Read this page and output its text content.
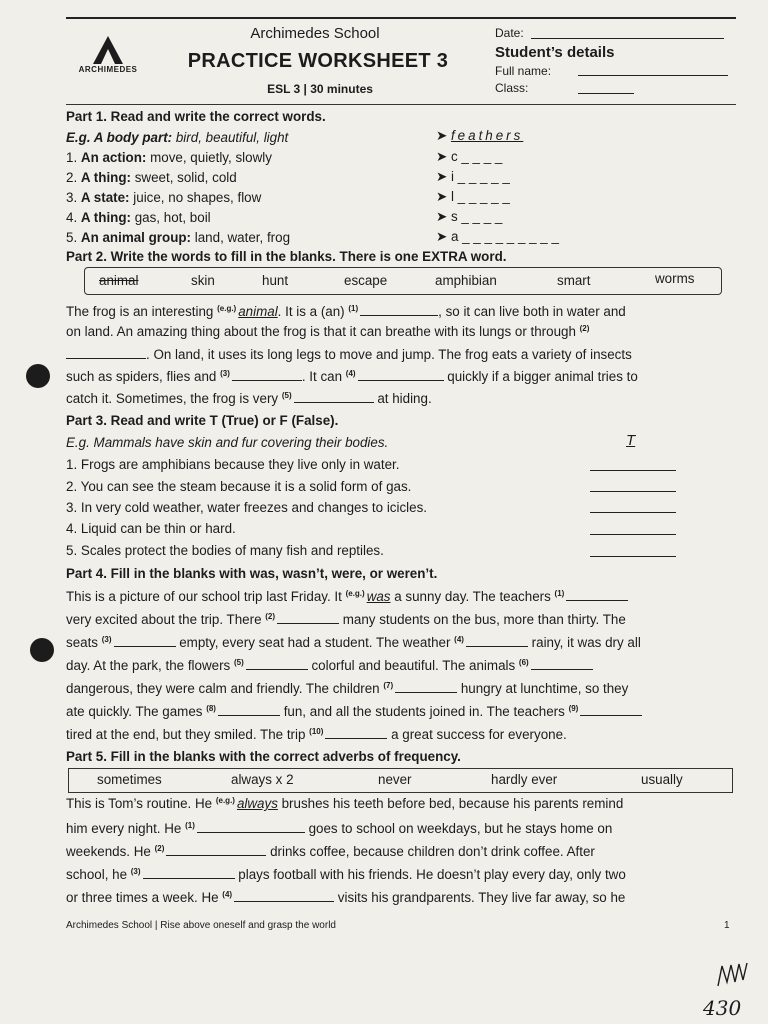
ARCHIMEDES
Archimedes School
PRACTICE WORKSHEET 3
ESL 3 | 30 minutes
Date:
Student’s details
Full name:
Class:
Part 1. Read and write the correct words.
E.g. A body part: bird, beautiful, light	➤ feathers
1. An action: move, quietly, slowly	➤ c _ _ _ _
2. A thing: sweet, solid, cold	➤ i _ _ _ _ _
3. A state: juice, no shapes, flow	➤ l _ _ _ _ _
4. A thing: gas, hot, boil	➤ s _ _ _ _
5. An animal group: land, water, frog	➤ a _ _ _ _ _ _ _ _ _
Part 2. Write the words to fill in the blanks. There is one EXTRA word.
animal	skin	hunt	escape	amphibian	smart	worms
The frog is an interesting $^{(e.g.)}$ animal. It is a (an) $^{(1)}$	, so it can live both in water and
on land. An amazing thing about the frog is that it can breathe with its lungs or through $^{(2)}$
. On land, it uses its long legs to move and jump. The frog eats a variety of insects
such as spiders, flies and $^{(3)}$	. It can $^{(4)}$	quickly if a bigger animal tries to
catch it. Sometimes, the frog is very $^{(5)}$	at hiding.
Part 3. Read and write T (True) or F (False).
E.g. Mammals have skin and fur covering their bodies.	T
1. Frogs are amphibians because they live only in water.
2. You can see the steam because it is a solid form of gas.
3. In very cold weather, water freezes and changes to icicles.
4. Liquid can be thin or hard.
5. Scales protect the bodies of many fish and reptiles.
Part 4. Fill in the blanks with was, wasn’t, were, or weren’t.
This is a picture of our school trip last Friday. It $^{(e.g.)}$ was a sunny day. The teachers $^{(1)}$
very excited about the trip. There $^{(2)}$	many students on the bus, more than thirty. The
seats $^{(3)}$	empty, every seat had a student. The weather $^{(4)}$	rainy, it was dry all
day. At the park, the flowers $^{(5)}$	colorful and beautiful. The animals $^{(6)}$
dangerous, they were calm and friendly. The children $^{(7)}$	hungry at lunchtime, so they
ate quickly. The games $^{(8)}$	fun, and all the students joined in. The teachers $^{(9)}$
tired at the end, but they smiled. The trip $^{(10)}$	a great success for everyone.
Part 5. Fill in the blanks with the correct adverbs of frequency.
sometimes	always x 2	never	hardly ever	usually
This is Tom’s routine. He $^{(e.g.)}$ always brushes his teeth before bed, because his parents remind
him every night. He $^{(1)}$	goes to school on weekdays, but he stays home on
weekends. He $^{(2)}$	drinks coffee, because children don’t drink coffee. After
school, he $^{(3)}$	plays football with his friends. He doesn’t play every day, only two
or three times a week. He $^{(4)}$	visits his grandparents. They live far away, so he
Archimedes School | Rise above oneself and grasp the world	1
430
